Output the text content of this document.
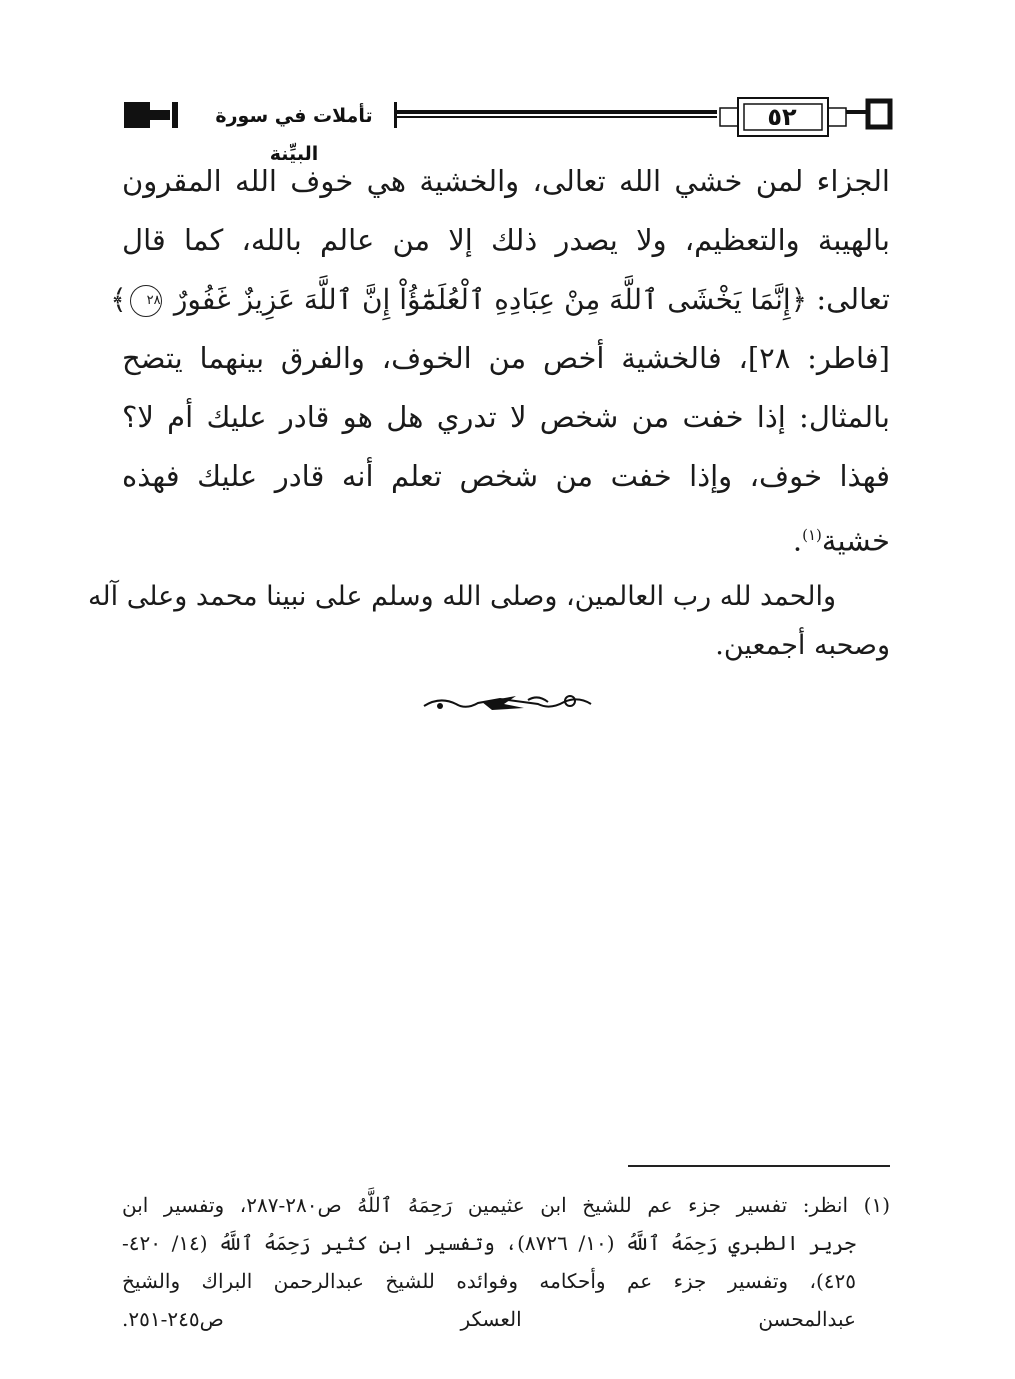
٥٢
تأملات في سورة البيِّنة
الجزاء لمن خشي الله تعالى، والخشية هي خوف الله المقرون
بالهيبة والتعظيم، ولا يصدر ذلك إلا من عالم بالله، كما قال
تعالى: ﴿إِنَّمَا يَخْشَى ٱللَّهَ مِنْ عِبَادِهِ ٱلْعُلَمَٰٓؤُاْ إِنَّ ٱللَّهَ عَزِيزٌ غَفُورٌ ٢٨﴾
[فاطر: ٢٨]، فالخشية أخص من الخوف، والفرق بينهما يتضح
بالمثال: إذا خفت من شخص لا تدري هل هو قادر عليك أم لا؟
فهذا خوف، وإذا خفت من شخص تعلم أنه قادر عليك فهذه
خشية$^{(١)}$.
والحمد لله رب العالمين، وصلى الله وسلم على نبينا محمد وعلى آله
وصحبه أجمعين.
(١) انظر: تفسير جزء عم للشيخ ابن عثيمين رَحِمَهُ ٱللَّهُ ص٢٨٠-٢٨٧، وتفسير ابن
جرير الطبري رَحِمَهُ ٱللَّهُ (١٠/ ٨٧٢٦)، وتفسير ابن كثير رَحِمَهُ ٱللَّهُ (١٤/ ٤٢٠-
٤٢٥)، وتفسير جزء عم وأحكامه وفوائده للشيخ عبدالرحمن البراك والشيخ
عبدالمحسن العسكر ص٢٤٥-٢٥١.
